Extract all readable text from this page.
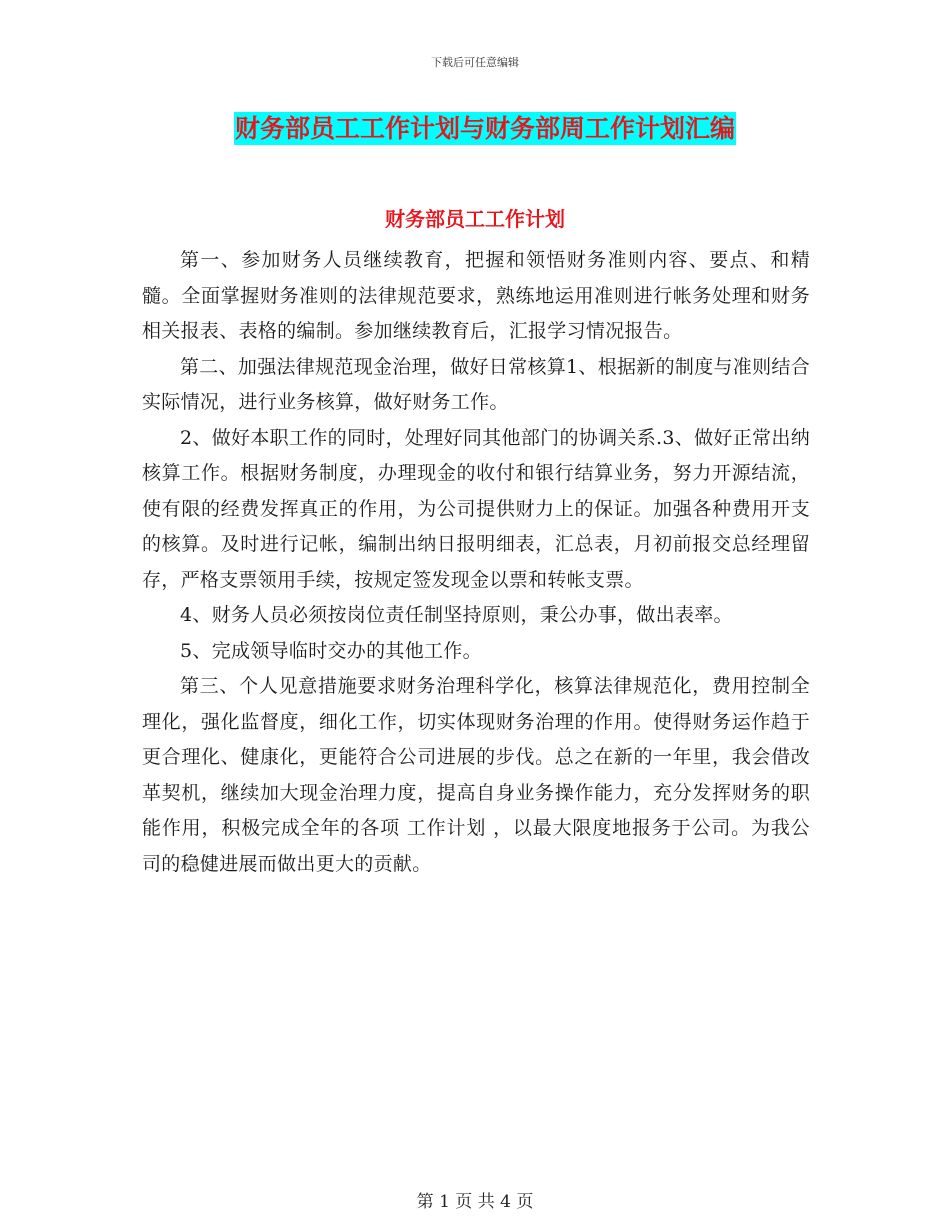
下载后可任意编辑
财务部员工工作计划与财务部周工作计划汇编
财务部员工工作计划

第一、参加财务人员继续教育，把握和领悟财务准则内容、要点、和精髓。全面掌握财务准则的法律规范要求，熟练地运用准则进行帐务处理和财务相关报表、表格的编制。参加继续教育后，汇报学习情况报告。

第二、加强法律规范现金治理，做好日常核算1、根据新的制度与准则结合实际情况，进行业务核算，做好财务工作。

2、做好本职工作的同时，处理好同其他部门的协调关系.3、做好正常出纳核算工作。根据财务制度，办理现金的收付和银行结算业务，努力开源结流，使有限的经费发挥真正的作用，为公司提供财力上的保证。加强各种费用开支的核算。及时进行记帐，编制出纳日报明细表，汇总表，月初前报交总经理留存，严格支票领用手续，按规定签发现金以票和转帐支票。

4、财务人员必须按岗位责任制坚持原则，秉公办事，做出表率。

5、完成领导临时交办的其他工作。

第三、个人见意措施要求财务治理科学化，核算法律规范化，费用控制全理化，强化监督度，细化工作，切实体现财务治理的作用。使得财务运作趋于更合理化、健康化，更能符合公司进展的步伐。总之在新的一年里，我会借改革契机，继续加大现金治理力度，提高自身业务操作能力，充分发挥财务的职能作用，积极完成全年的各项 工作计划 ，以最大限度地报务于公司。为我公司的稳健进展而做出更大的贡献。

第 1 页 共 4 页
